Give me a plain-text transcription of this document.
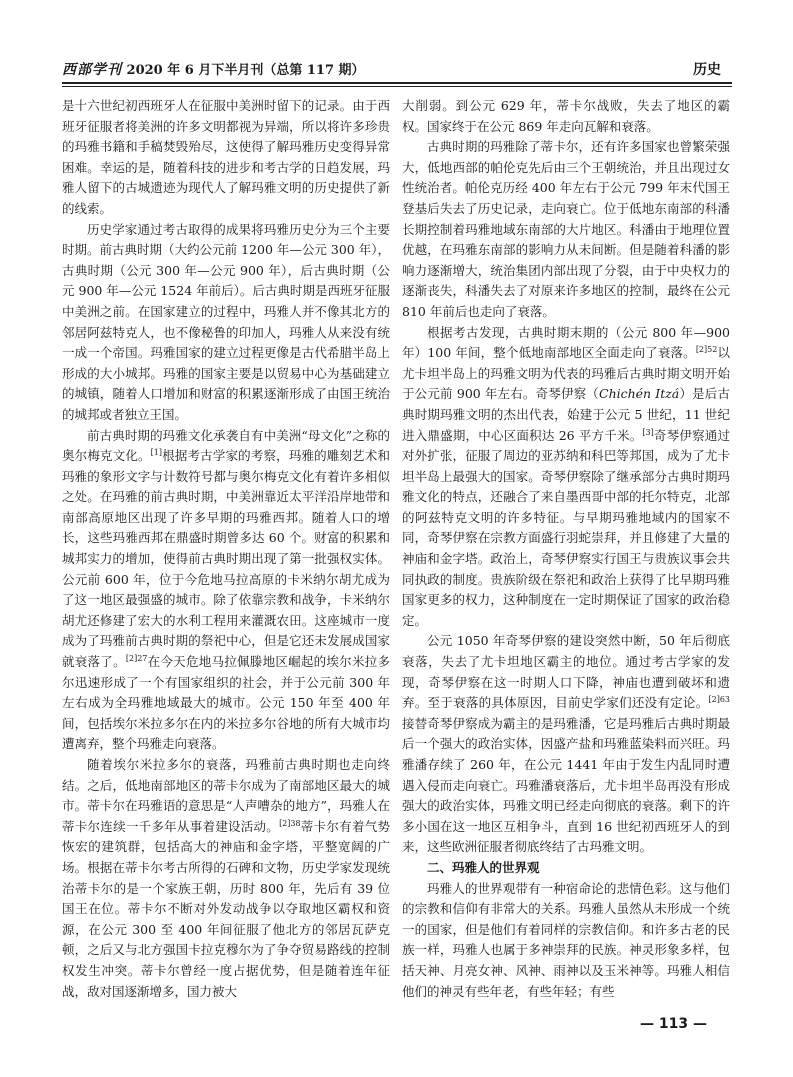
西部学刊 2020 年 6 月下半月刊（总第 117 期）	历史

是十六世纪初西班牙人在征服中美洲时留下的记录。由于西班牙征服者将美洲的许多文明都视为异端，所以将许多珍贵的玛雅书籍和手稿焚毁殆尽，这使得了解玛雅历史变得异常困难。幸运的是，随着科技的进步和考古学的日趋发展，玛雅人留下的古城遗迹为现代人了解玛雅文明的历史提供了新的线索。

历史学家通过考古取得的成果将玛雅历史分为三个主要时期。前古典时期（大约公元前 1200 年—公元 300 年），古典时期（公元 300 年—公元 900 年），后古典时期（公元 900 年—公元 1524 年前后）。后古典时期是西班牙征服中美洲之前。在国家建立的过程中，玛雅人并不像其北方的邻居阿兹特克人，也不像秘鲁的印加人，玛雅人从来没有统一成一个帝国。玛雅国家的建立过程更像是古代希腊半岛上形成的大小城邦。玛雅的国家主要是以贸易中心为基础建立的城镇，随着人口增加和财富的积累逐渐形成了由国王统治的城邦或者独立王国。

前古典时期的玛雅文化承袭自有中美洲“母文化”之称的奥尔梅克文化。[1]根据考古学家的考察，玛雅的雕刻艺术和玛雅的象形文字与计数符号都与奥尔梅克文化有着许多相似之处。在玛雅的前古典时期，中美洲靠近太平洋沿岸地带和南部高原地区出现了许多早期的玛雅西邦。随着人口的增长，这些玛雅西邦在鼎盛时期曾多达 60 个。财富的积累和城邦实力的增加，使得前古典时期出现了第一批强权实体。公元前 600 年，位于今危地马拉高原的卡米纳尔胡尤成为了这一地区最强盛的城市。除了依靠宗教和战争，卡米纳尔胡尤还修建了宏大的水利工程用来灌溉农田。这座城市一度成为了玛雅前古典时期的祭祀中心，但是它还未发展成国家就衰落了。$^{[2]27}$在今天危地马拉佩滕地区崛起的埃尔米拉多尔迅速形成了一个有国家组织的社会，并于公元前 300 年左右成为全玛雅地域最大的城市。公元 150 年至 400 年间，包括埃尔米拉多尔在内的米拉多尔谷地的所有大城市均遭离弃，整个玛雅走向衰落。

随着埃尔米拉多尔的衰落，玛雅前古典时期也走向终结。之后，低地南部地区的蒂卡尔成为了南部地区最大的城市。蒂卡尔在玛雅语的意思是“人声嘈杂的地方”，玛雅人在蒂卡尔连续一千多年从事着建设活动。$^{[2]38}$蒂卡尔有着气势恢宏的建筑群，包括高大的神庙和金字塔，平整宽阔的广场。根据在蒂卡尔考古所得的石碑和文物，历史学家发现统治蒂卡尔的是一个家族王朝，历时 800 年，先后有 39 位国王在位。蒂卡尔不断对外发动战争以夺取地区霸权和资源，在公元 300 至 400 年间征服了他北方的邻居瓦萨克顿，之后又与北方强国卡拉克穆尔为了争夺贸易路线的控制权发生冲突。蒂卡尔曾经一度占据优势，但是随着连年征战，敌对国逐渐增多，国力被大

大削弱。到公元 629 年，蒂卡尔战败，失去了地区的霸权。国家终于在公元 869 年走向瓦解和衰落。

古典时期的玛雅除了蒂卡尔，还有许多国家也曾繁荣强大，低地西部的帕伦克先后由三个王朝统治，并且出现过女性统治者。帕伦克历经 400 年左右于公元 799 年末代国王登基后失去了历史记录，走向衰亡。位于低地东南部的科潘长期控制着玛雅地域东南部的大片地区。科潘由于地理位置优越，在玛雅东南部的影响力从未间断。但是随着科潘的影响力逐渐增大，统治集团内部出现了分裂，由于中央权力的逐渐丧失，科潘失去了对原来许多地区的控制，最终在公元 810 年前后也走向了衰落。

根据考古发现，古典时期末期的（公元 800 年—900 年）100 年间，整个低地南部地区全面走向了衰落。$^{[2]52}$以尤卡坦半岛上的玛雅文明为代表的玛雅后古典时期文明开始于公元前 900 年左右。奇琴伊察（Chichén Itzá）是后古典时期玛雅文明的杰出代表，始建于公元 5 世纪，11 世纪进入鼎盛期，中心区面积达 26 平方千米。[3]奇琴伊察通过对外扩张，征服了周边的亚苏纳和科巴等邦国，成为了尤卡坦半岛上最强大的国家。奇琴伊察除了继承部分古典时期玛雅文化的特点，还融合了来自墨西哥中部的托尔特克，北部的阿兹特克文明的许多特征。与早期玛雅地域内的国家不同，奇琴伊察在宗教方面盛行羽蛇崇拜，并且修建了大量的神庙和金字塔。政治上，奇琴伊察实行国王与贵族议事会共同执政的制度。贵族阶级在祭祀和政治上获得了比早期玛雅国家更多的权力，这种制度在一定时期保证了国家的政治稳定。

公元 1050 年奇琴伊察的建设突然中断，50 年后彻底衰落，失去了尤卡坦地区霸主的地位。通过考古学家的发现，奇琴伊察在这一时期人口下降，神庙也遭到破坏和遗弃。至于衰落的具体原因，目前史学家们还没有定论。$^{[2]63}$接替奇琴伊察成为霸主的是玛雅潘，它是玛雅后古典时期最后一个强大的政治实体，因盛产盐和玛雅蓝染料而兴旺。玛雅潘存续了 260 年，在公元 1441 年由于发生内乱同时遭遇入侵而走向衰亡。玛雅潘衰落后，尤卡坦半岛再没有形成强大的政治实体，玛雅文明已经走向彻底的衰落。剩下的许多小国在这一地区互相争斗，直到 16 世纪初西班牙人的到来，这些欧洲征服者彻底终结了古玛雅文明。

二、玛雅人的世界观

玛雅人的世界观带有一种宿命论的悲情色彩。这与他们的宗教和信仰有非常大的关系。玛雅人虽然从未形成一个统一的国家，但是他们有着同样的宗教信仰。和许多古老的民族一样，玛雅人也属于多神崇拜的民族。神灵形象多样，包括天神、月亮女神、风神、雨神以及玉米神等。玛雅人相信他们的神灵有些年老，有些年轻；有些

— 113 —
